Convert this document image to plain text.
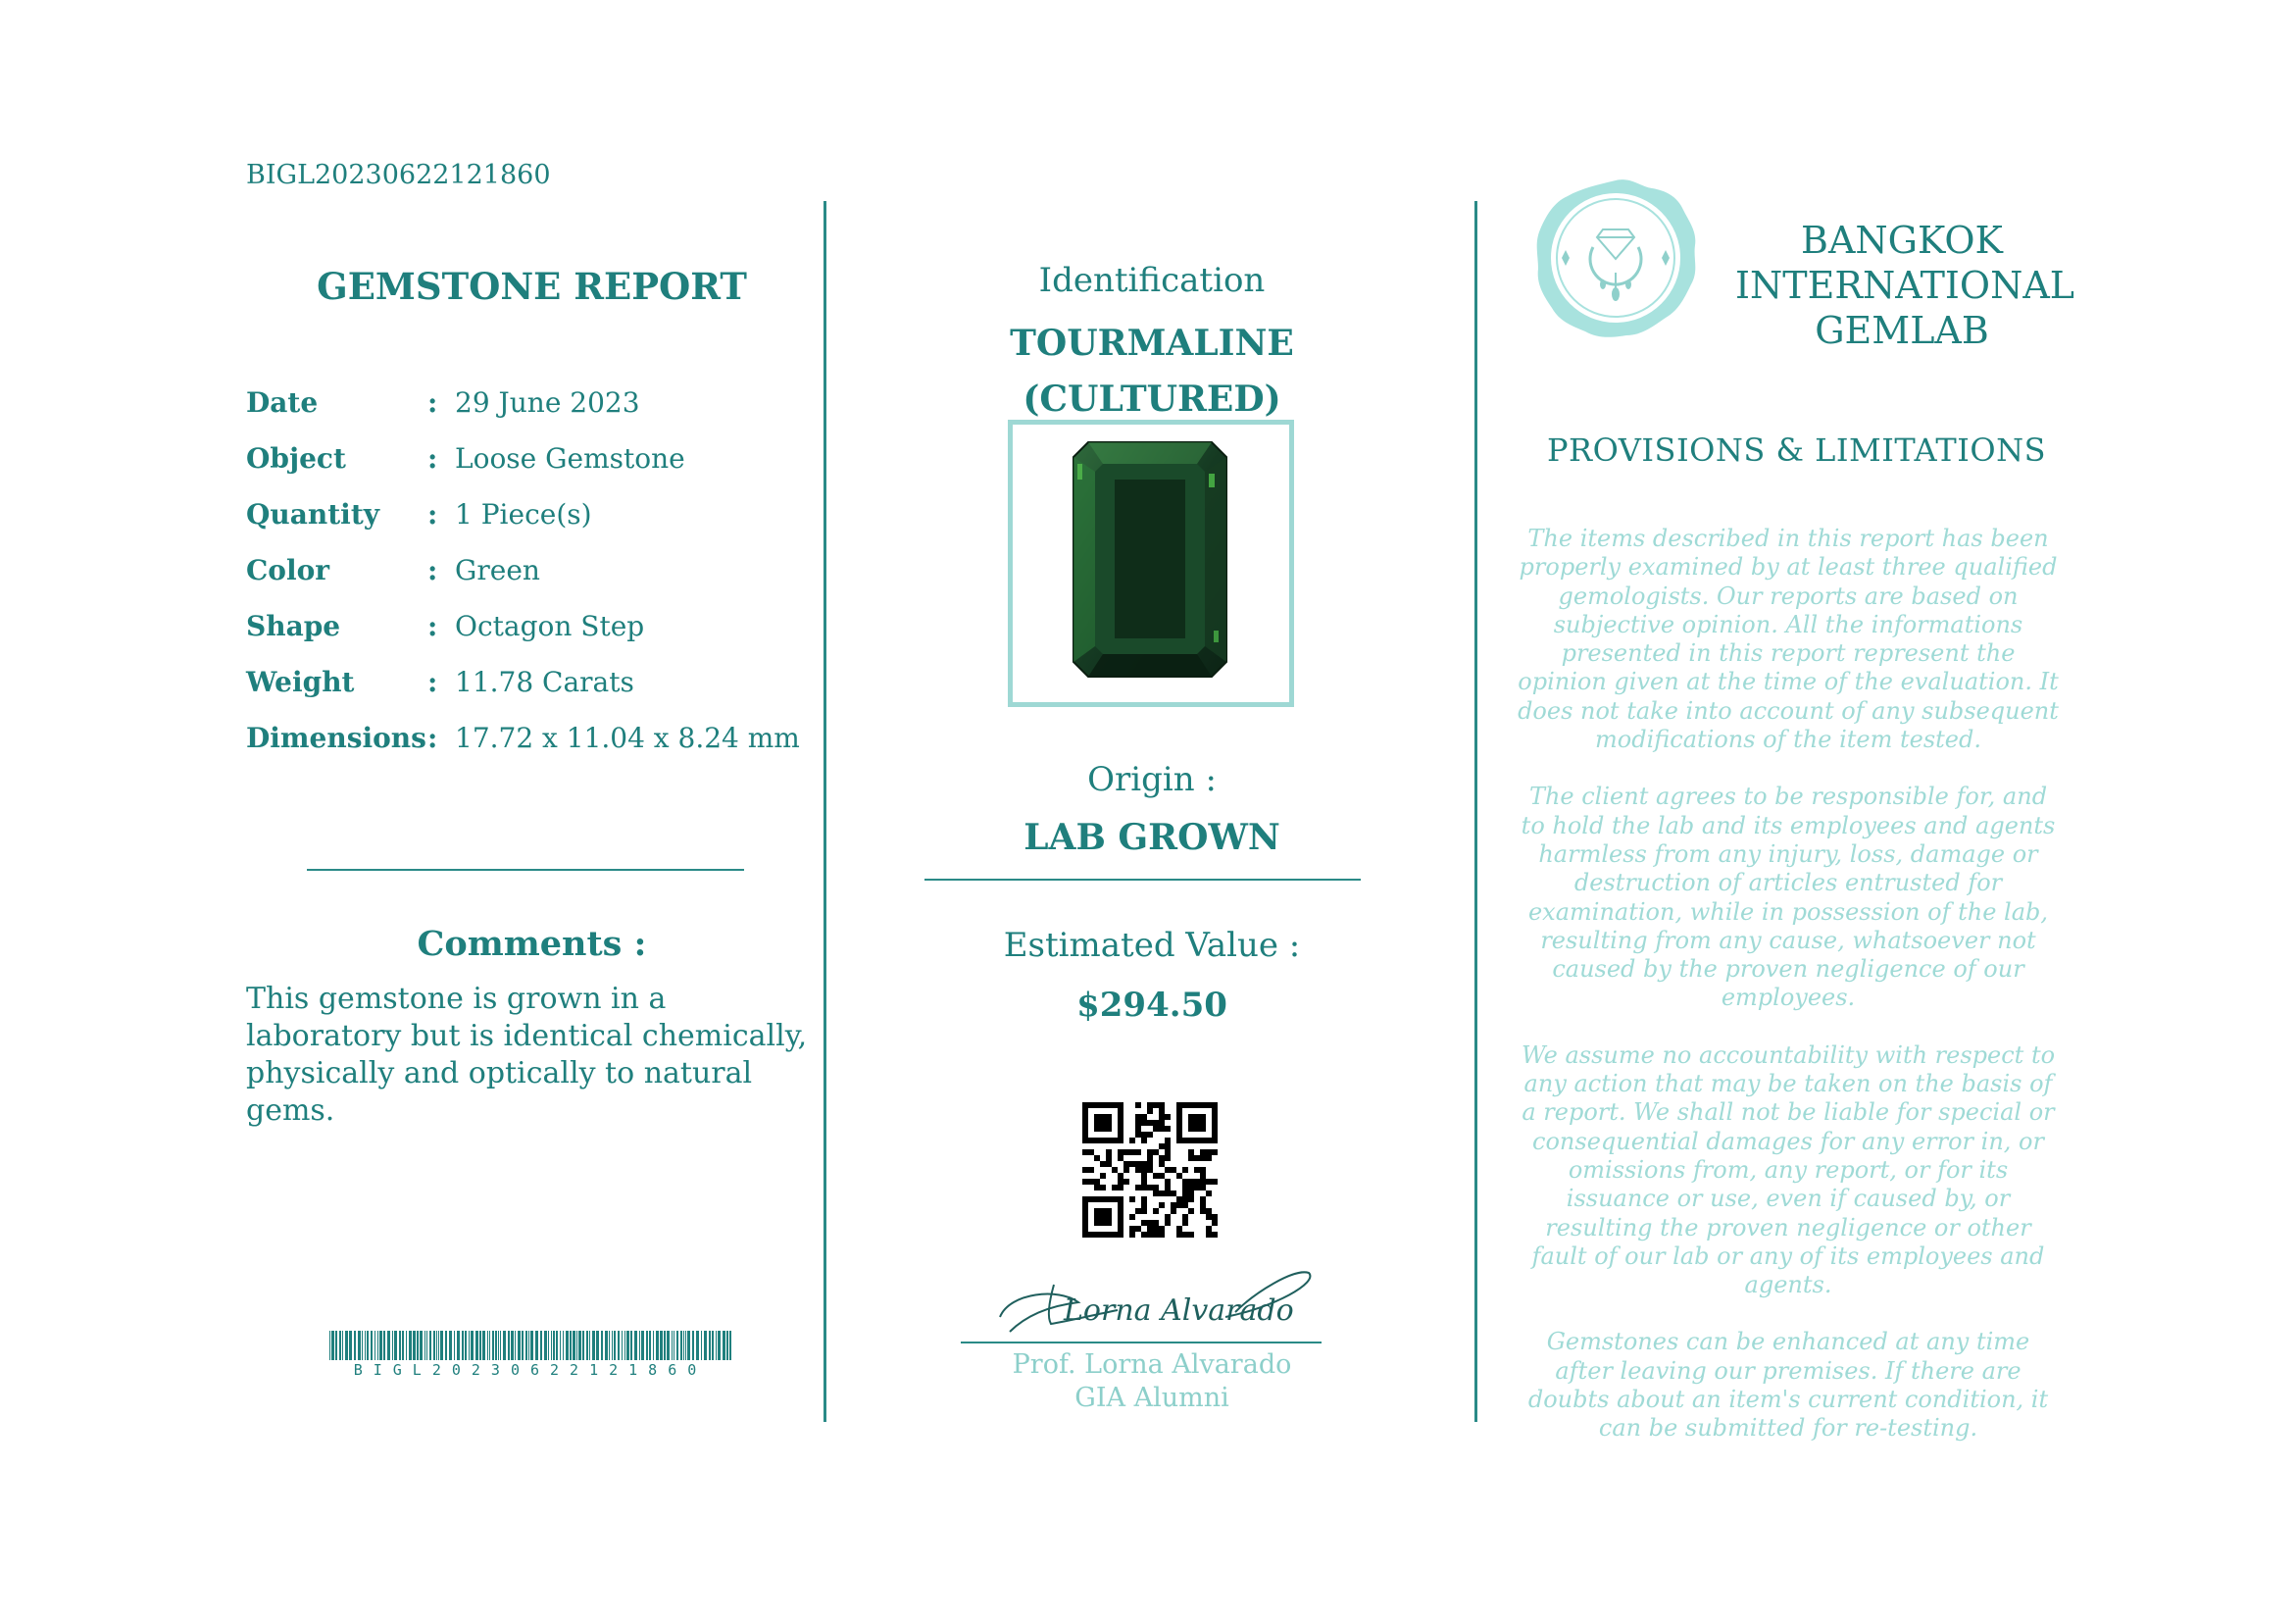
BIGL20230622121860
GEMSTONE REPORT
Date	: 29 June 2023
Object	: Loose Gemstone
Quantity	: 1 Piece(s)
Color	: Green
Shape	: Octagon Step
Weight	: 11.78 Carats
Dimensions : 17.72 x 11.04 x 8.24 mm
Comments :
This gemstone is grown in a laboratory but is identical chemically, physically and optically to natural gems.
BIGL20230622121860
Identification
TOURMALINE
(CULTURED)
Origin :
LAB GROWN
Estimated Value :
$294.50
Lorna Alvarado
Prof. Lorna Alvarado
GIA Alumni
BANGKOK
INTERNATIONAL
GEMLAB
PROVISIONS & LIMITATIONS

The items described in this report has been properly examined by at least three qualified gemologists. Our reports are based on subjective opinion. All the informations presented in this report represent the opinion given at the time of the evaluation. It does not take into account of any subsequent modifications of the item tested.

The client agrees to be responsible for, and to hold the lab and its employees and agents harmless from any injury, loss, damage or destruction of articles entrusted for examination, while in possession of the lab, resulting from any cause, whatsoever not caused by the proven negligence of our employees.

We assume no accountability with respect to any action that may be taken on the basis of a report. We shall not be liable for special or consequential damages for any error in, or omissions from, any report, or for its issuance or use, even if caused by, or resulting the proven negligence or other fault of our lab or any of its employees and agents.

Gemstones can be enhanced at any time after leaving our premises. If there are doubts about an item's current condition, it can be submitted for re-testing.
